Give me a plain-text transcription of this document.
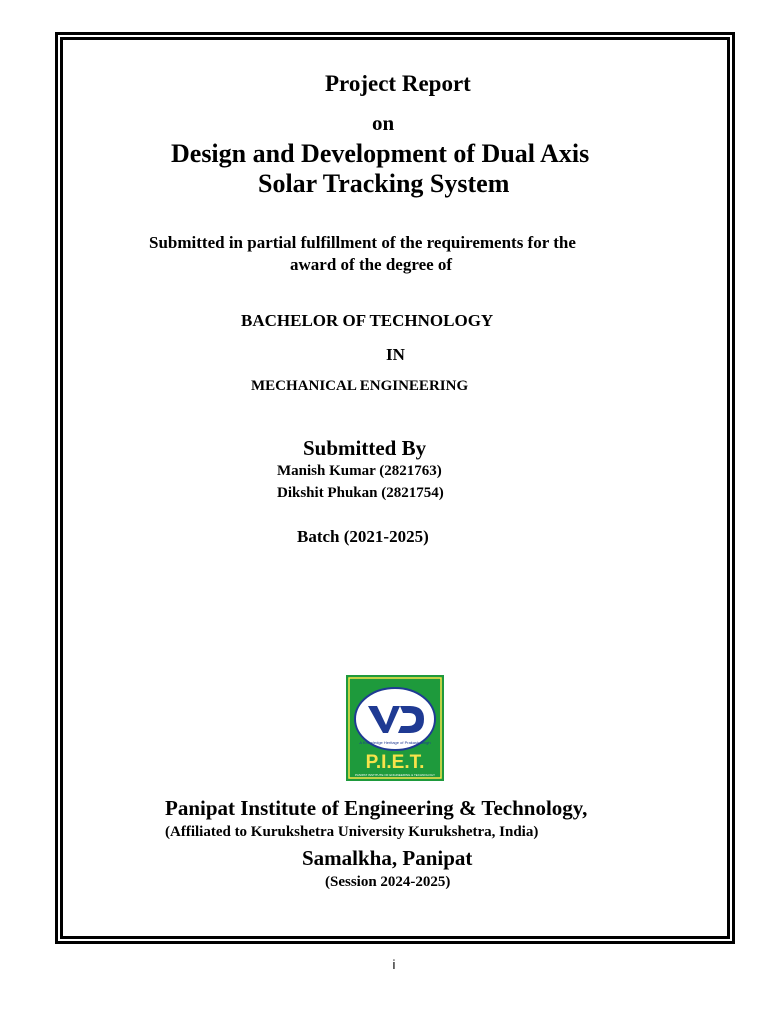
Project Report

on

Design and Development of Dual Axis

Solar Tracking System

Submitted in partial fulfillment of the requirements for the

award of the degree of

BACHELOR OF TECHNOLOGY

IN

MECHANICAL ENGINEERING

Submitted By

Manish Kumar (2821763)

Dikshit Phukan (2821754)

Batch (2021-2025)

A Knowledge Heritage of Prakash Singh
P.I.E.T.
PANIPAT INSTITUTE OF ENGINEERING & TECHNOLOGY

Panipat Institute of Engineering & Technology,

(Affiliated to Kurukshetra University Kurukshetra, India)

Samalkha, Panipat

(Session 2024-2025)

i
